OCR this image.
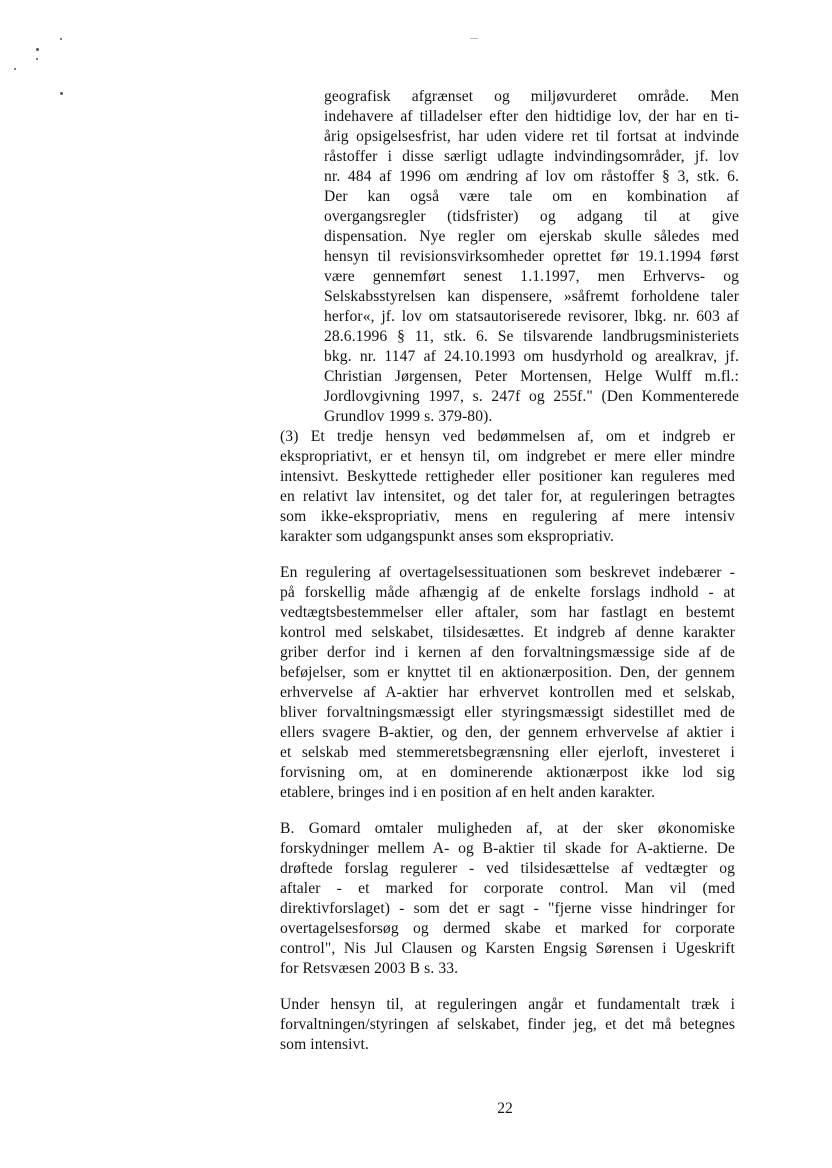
geografisk afgrænset og miljøvurderet område. Men
indehavere af tilladelser efter den hidtidige lov, der har en ti-
årig opsigelsesfrist, har uden videre ret til fortsat at indvinde
råstoffer i disse særligt udlagte indvindingsområder, jf. lov
nr. 484 af 1996 om ændring af lov om råstoffer § 3, stk. 6.
Der kan også være tale om en kombination af
overgangsregler (tidsfrister) og adgang til at give
dispensation. Nye regler om ejerskab skulle således med
hensyn til revisionsvirksomheder oprettet før 19.1.1994 først
være gennemført senest 1.1.1997, men Erhvervs- og
Selskabsstyrelsen kan dispensere, »såfremt forholdene taler
herfor«, jf. lov om statsautoriserede revisorer, lbkg. nr. 603 af
28.6.1996 § 11, stk. 6. Se tilsvarende landbrugsministeriets
bkg. nr. 1147 af 24.10.1993 om husdyrhold og arealkrav, jf.
Christian Jørgensen, Peter Mortensen, Helge Wulff m.fl.:
Jordlovgivning 1997, s. 247f og 255f." (Den Kommenterede
Grundlov 1999 s. 379-80).
(3) Et tredje hensyn ved bedømmelsen af, om et indgreb er
ekspropriativt, er et hensyn til, om indgrebet er mere eller mindre
intensivt. Beskyttede rettigheder eller positioner kan reguleres med
en relativt lav intensitet, og det taler for, at reguleringen betragtes
som ikke-ekspropriativ, mens en regulering af mere intensiv
karakter som udgangspunkt anses som ekspropriativ.
En regulering af overtagelsessituationen som beskrevet indebærer -
på forskellig måde afhængig af de enkelte forslags indhold - at
vedtægtsbestemmelser eller aftaler, som har fastlagt en bestemt
kontrol med selskabet, tilsidesættes. Et indgreb af denne karakter
griber derfor ind i kernen af den forvaltningsmæssige side af de
beføjelser, som er knyttet til en aktionærposition. Den, der gennem
erhvervelse af A-aktier har erhvervet kontrollen med et selskab,
bliver forvaltningsmæssigt eller styringsmæssigt sidestillet med de
ellers svagere B-aktier, og den, der gennem erhvervelse af aktier i
et selskab med stemmeretsbegrænsning eller ejerloft, investeret i
forvisning om, at en dominerende aktionærpost ikke lod sig
etablere, bringes ind i en position af en helt anden karakter.
B. Gomard omtaler muligheden af, at der sker økonomiske
forskydninger mellem A- og B-aktier til skade for A-aktierne. De
drøftede forslag regulerer - ved tilsidesættelse af vedtægter og
aftaler - et marked for corporate control. Man vil (med
direktivforslaget) - som det er sagt - "fjerne visse hindringer for
overtagelsesforsøg og dermed skabe et marked for corporate
control", Nis Jul Clausen og Karsten Engsig Sørensen i Ugeskrift
for Retsvæsen 2003 B s. 33.
Under hensyn til, at reguleringen angår et fundamentalt træk i
forvaltningen/styringen af selskabet, finder jeg, et det må betegnes
som intensivt.
22
